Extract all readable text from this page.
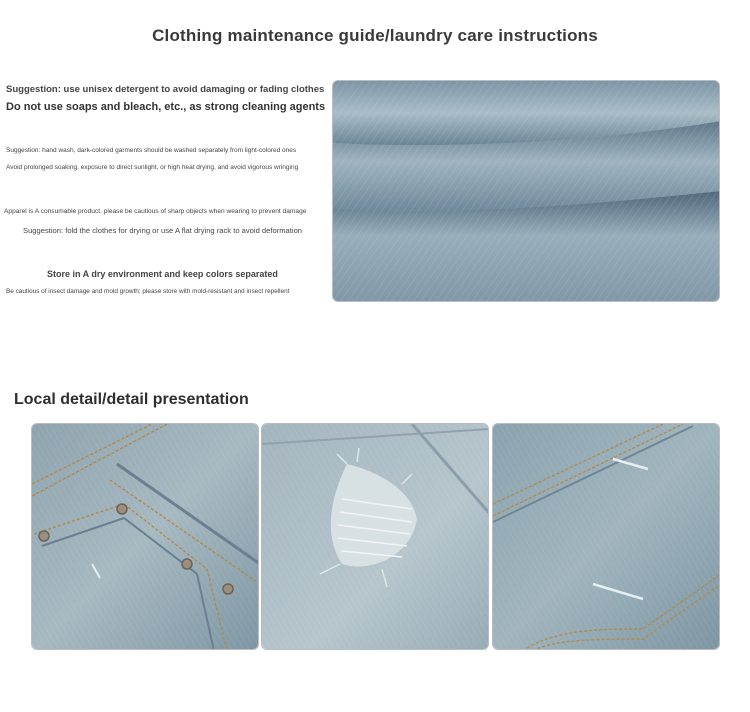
Clothing maintenance guide/laundry care instructions
Suggestion: use unisex detergent to avoid damaging or fading clothes
Do not use soaps and bleach, etc., as strong cleaning agents
Suggestion: hand wash, dark-colored garments should be washed separately from light-colored ones
Avoid prolonged soaking, exposure to direct sunlight, or high heat drying, and avoid vigorous wringing
Apparel is A consumable product. please be cautious of sharp objects when wearing to prevent damage
Suggestion: fold the clothes for drying or use A flat drying rack to avoid deformation
Store in A dry environment and keep colors separated
Be cautious of insect damage and mold growth; please store with mold-resistant and insect repellent
Local detail/detail presentation
